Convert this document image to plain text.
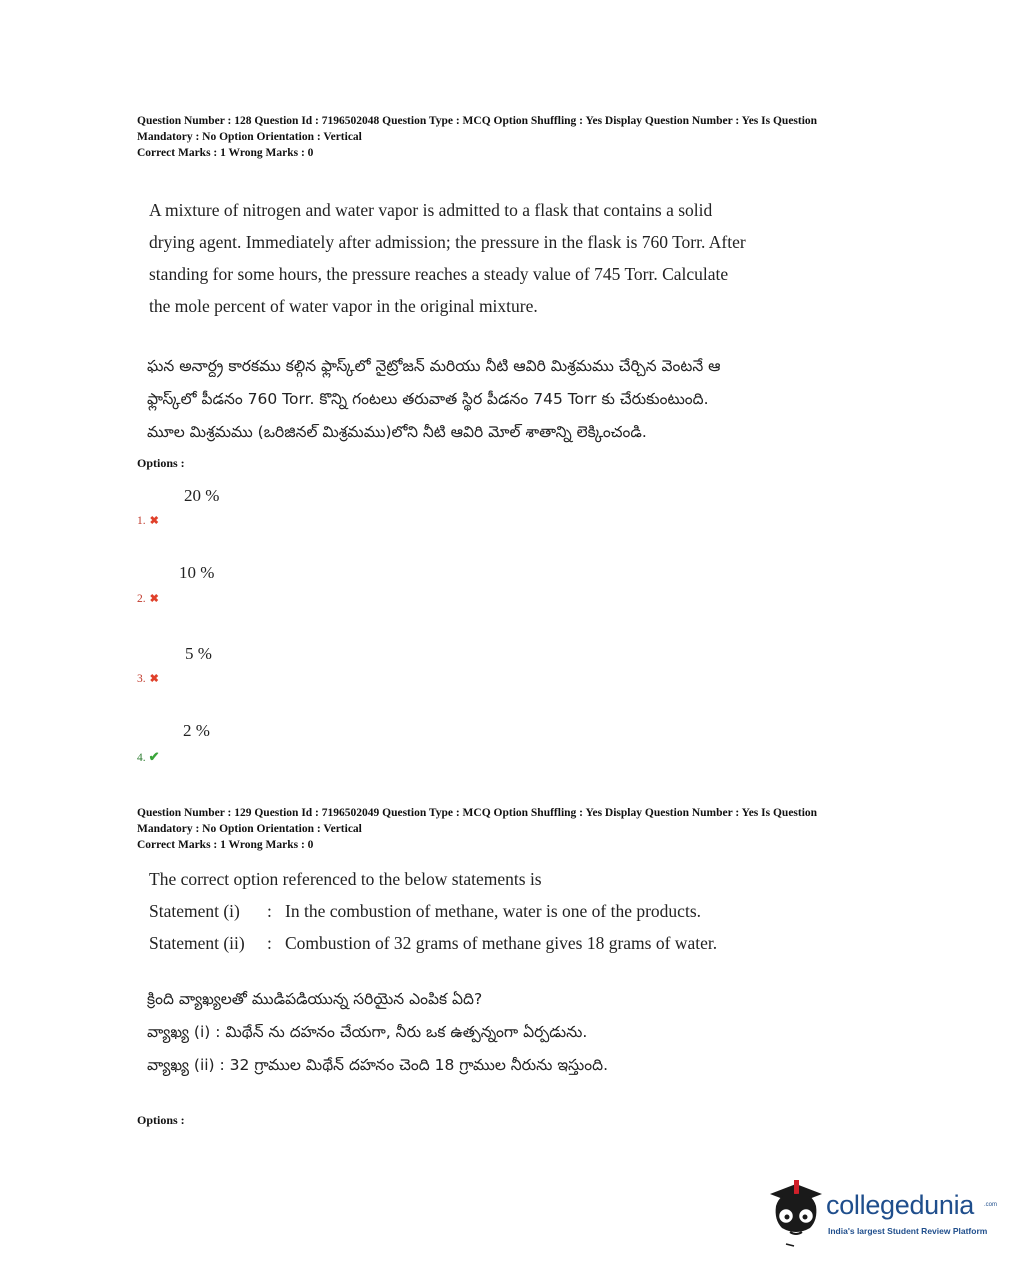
Question Number : 128 Question Id : 7196502048 Question Type : MCQ Option Shuffling : Yes Display Question Number : Yes Is Question
Mandatory : No Option Orientation : Vertical
Correct Marks : 1 Wrong Marks : 0
A mixture of nitrogen and water vapor is admitted to a flask that contains a solid
drying agent. Immediately after admission; the pressure in the flask is 760 Torr. After
standing for some hours, the pressure reaches a steady value of 745 Torr. Calculate
the mole percent of water vapor in the original mixture.
ఘన అనార్ద్ర కారకము కల్గిన ఫ్లాస్క్‌లో నైట్రోజన్ మరియు నీటి ఆవిరి మిశ్రమము చేర్చిన వెంటనే ఆ
ఫ్లాస్క్‌లో పీడనం 760 Torr. కొన్ని గంటలు తరువాత స్థిర పీడనం 745 Torr కు చేరుకుంటుంది.
మూల మిశ్రమము (ఒరిజినల్ మిశ్రమము)లోని నీటి ఆవిరి మోల్ శాతాన్ని లెక్కించండి.
Options :
20 %
1. ✖
10 %
2. ✖
5 %
3. ✖
2 %
4. ✔
Question Number : 129 Question Id : 7196502049 Question Type : MCQ Option Shuffling : Yes Display Question Number : Yes Is Question
Mandatory : No Option Orientation : Vertical
Correct Marks : 1 Wrong Marks : 0
The correct option referenced to the below statements is
Statement (i)	: In the combustion of methane, water is one of the products.
Statement (ii)	: Combustion of 32 grams of methane gives 18 grams of water.
క్రింది వ్యాఖ్యలతో ముడిపడియున్న సరియైన ఎంపిక ఏది?
వ్యాఖ్య (i) : మిథేన్ ను దహనం చేయగా, నీరు ఒక ఉత్పన్నంగా ఏర్పడును.
వ్యాఖ్య (ii) : 32 గ్రాముల మిథేన్ దహనం చెంది 18 గ్రాముల నీరును ఇస్తుంది.
Options :
collegedunia .com
India's largest Student Review Platform
